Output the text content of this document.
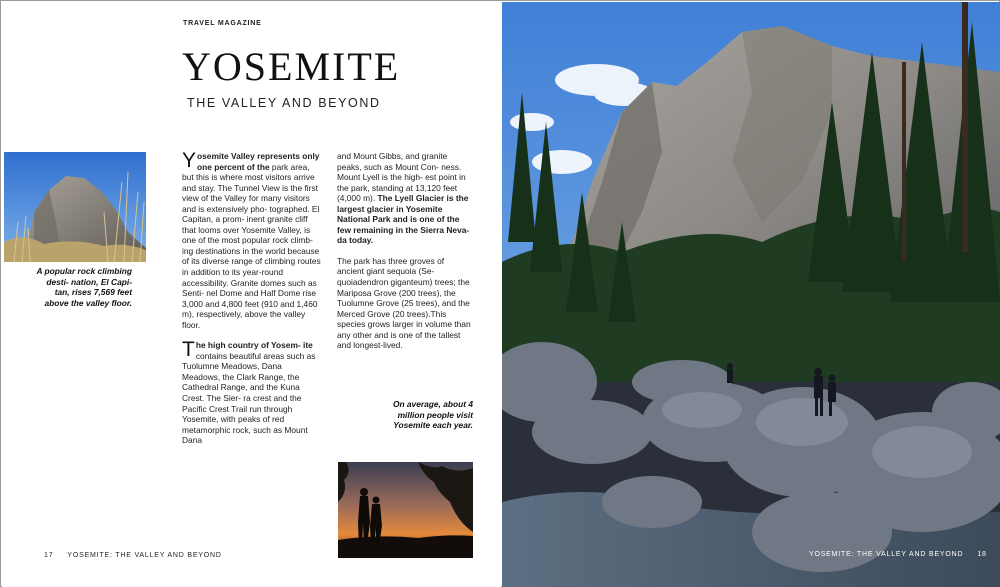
TRAVEL MAGAZINE
YOSEMITE
THE VALLEY AND BEYOND
A popular rock climbing desti- nation, El Capi- tan, rises 7,569 feet above the valley floor.

Yosemite Valley represents only one percent of the park area, but this is where most visitors arrive and stay. The Tunnel View is the first view of the Valley for many visitors and is extensively pho- tographed. El Capitan, a prom- inent granite cliff that looms over Yosemite Valley, is one of the most popular rock climb- ing destinations in the world because of its diverse range of climbing routes in addition to its year-round accessibility. Granite domes such as Senti- nel Dome and Half Dome rise 3,000 and 4,800 feet (910 and 1,460 m), respectively, above the valley floor.

The high country of Yosem- ite contains beautiful areas such as Tuolumne Meadows, Dana Meadows, the Clark Range, the Cathedral Range, and the Kuna Crest. The Sier- ra crest and the Pacific Crest Trail run through Yosemite, with peaks of red metamorphic rock, such as Mount Dana

and Mount Gibbs, and granite peaks, such as Mount Con- ness. Mount Lyell is the high- est point in the park, standing at 13,120 feet (4,000 m). The Lyell Glacier is the largest glacier in Yosemite National Park and is one of the few remaining in the Sierra Neva- da today.

The park has three groves of ancient giant sequoia (Se- quoiadendron giganteum) trees; the Mariposa Grove (200 trees), the Tuolumne Grove (25 trees), and the Merced Grove (20 trees).This species grows larger in volume than any other and is one of the tallest and longest-lived.

On average, about 4 million people visit Yosemite each year.
17 YOSEMITE: THE VALLEY AND BEYOND	YOSEMITE: THE VALLEY AND BEYOND 18
